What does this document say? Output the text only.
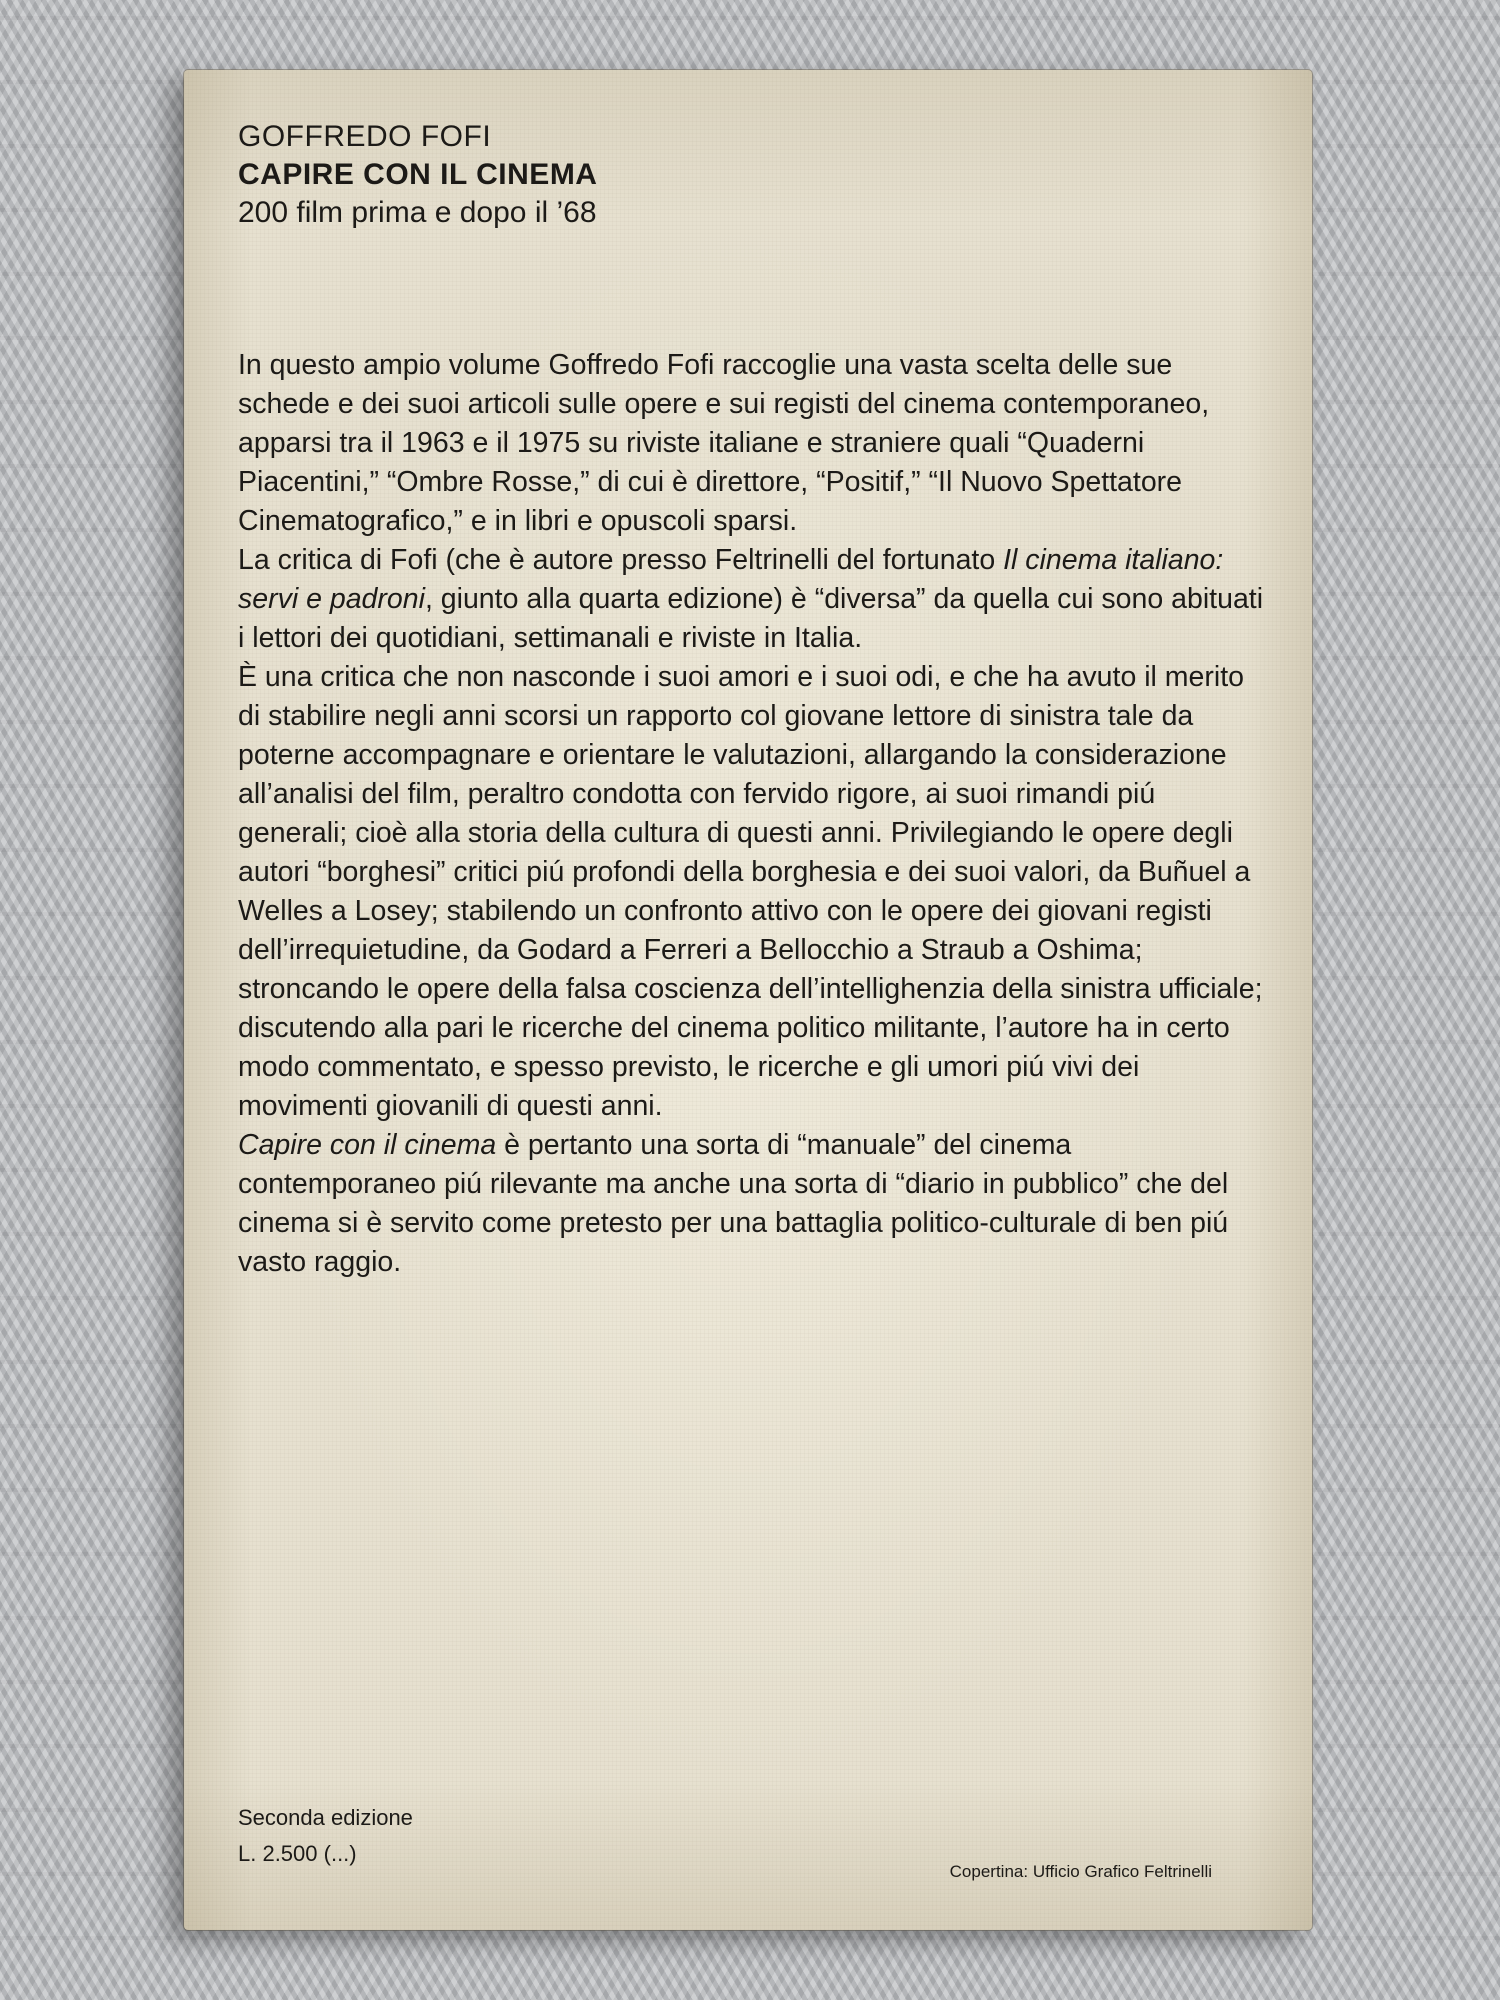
GOFFREDO FOFI
CAPIRE CON IL CINEMA
200 film prima e dopo il ’68

In questo ampio volume Goffredo Fofi raccoglie una vasta scelta delle sue schede e dei suoi articoli sulle opere e sui registi del cinema contemporaneo, apparsi tra il 1963 e il 1975 su riviste italiane e straniere quali “Quaderni Piacentini,” “Ombre Rosse,” di cui è direttore, “Positif,” “Il Nuovo Spettatore Cinematografico,” e in libri e opuscoli sparsi.

La critica di Fofi (che è autore presso Feltrinelli del fortunato Il cinema italiano: servi e padroni, giunto alla quarta edizione) è “diversa” da quella cui sono abituati i lettori dei quotidiani, settimanali e riviste in Italia.

È una critica che non nasconde i suoi amori e i suoi odi, e che ha avuto il merito di stabilire negli anni scorsi un rapporto col giovane lettore di sinistra tale da poterne accompagnare e orientare le valutazioni, allargando la considerazione all’analisi del film, peraltro condotta con fervido rigore, ai suoi rimandi piú generali; cioè alla storia della cultura di questi anni. Privilegiando le opere degli autori “borghesi” critici piú profondi della borghesia e dei suoi valori, da Buñuel a Welles a Losey; stabilendo un confronto attivo con le opere dei giovani registi dell’irrequietudine, da Godard a Ferreri a Bellocchio a Straub a Oshima; stroncando le opere della falsa coscienza dell’intellighenzia della sinistra ufficiale; discutendo alla pari le ricerche del cinema politico militante, l’autore ha in certo modo commentato, e spesso previsto, le ricerche e gli umori piú vivi dei movimenti giovanili di questi anni.

Capire con il cinema è pertanto una sorta di “manuale” del cinema contemporaneo piú rilevante ma anche una sorta di “diario in pubblico” che del cinema si è servito come pretesto per una battaglia politico-culturale di ben piú vasto raggio.

Seconda edizione
L. 2.500 (...)
Copertina: Ufficio Grafico Feltrinelli
